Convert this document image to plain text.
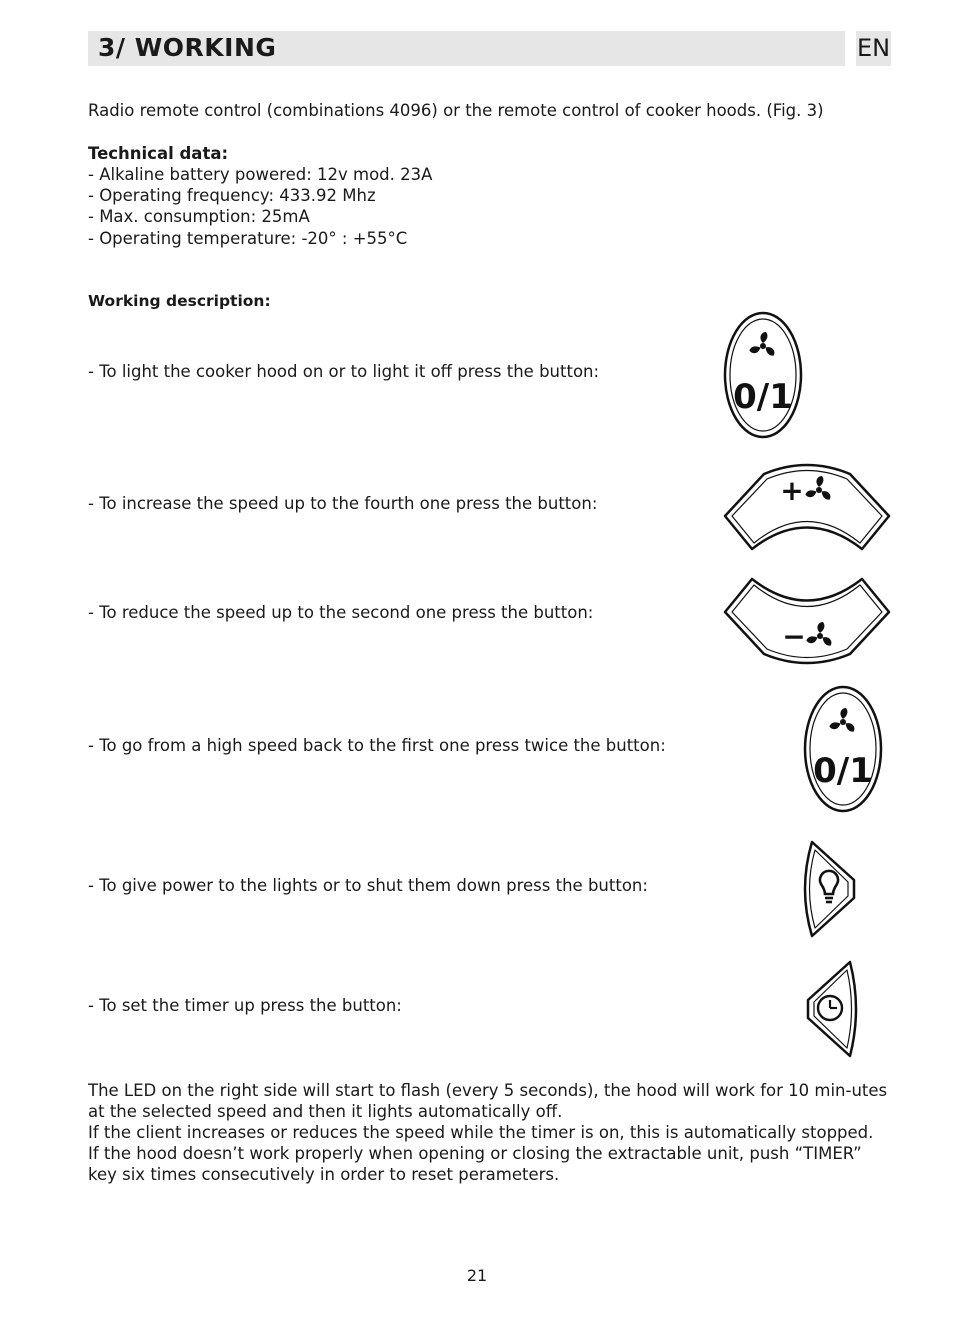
3/ WORKING	EN
Radio remote control (combinations 4096) or the remote control of cooker hoods. (Fig. 3)
Technical data:
- Alkaline battery powered: 12v mod. 23A
- Operating frequency: 433.92 Mhz
- Max. consumption: 25mA
- Operating temperature: -20° : +55°C
Working description:
- To light the cooker hood on or to light it off press the button:
- To increase the speed up to the fourth one press the button:
- To reduce the speed up to the second one press the button:
- To go from a high speed back to the first one press twice the button:
- To give power to the lights or to shut them down press the button:
- To set the timer up press the button:
0/1
+
−
0/1

The LED on the right side will start to flash (every 5 seconds), the hood will work for 10 min-utes at the selected speed and then it lights automatically off.

If the client increases or reduces the speed while the timer is on, this is automatically stopped.

If the hood doesn’t work properly when opening or closing the extractable unit, push “TIMER” key six times consecutively in order to reset perameters.

21
